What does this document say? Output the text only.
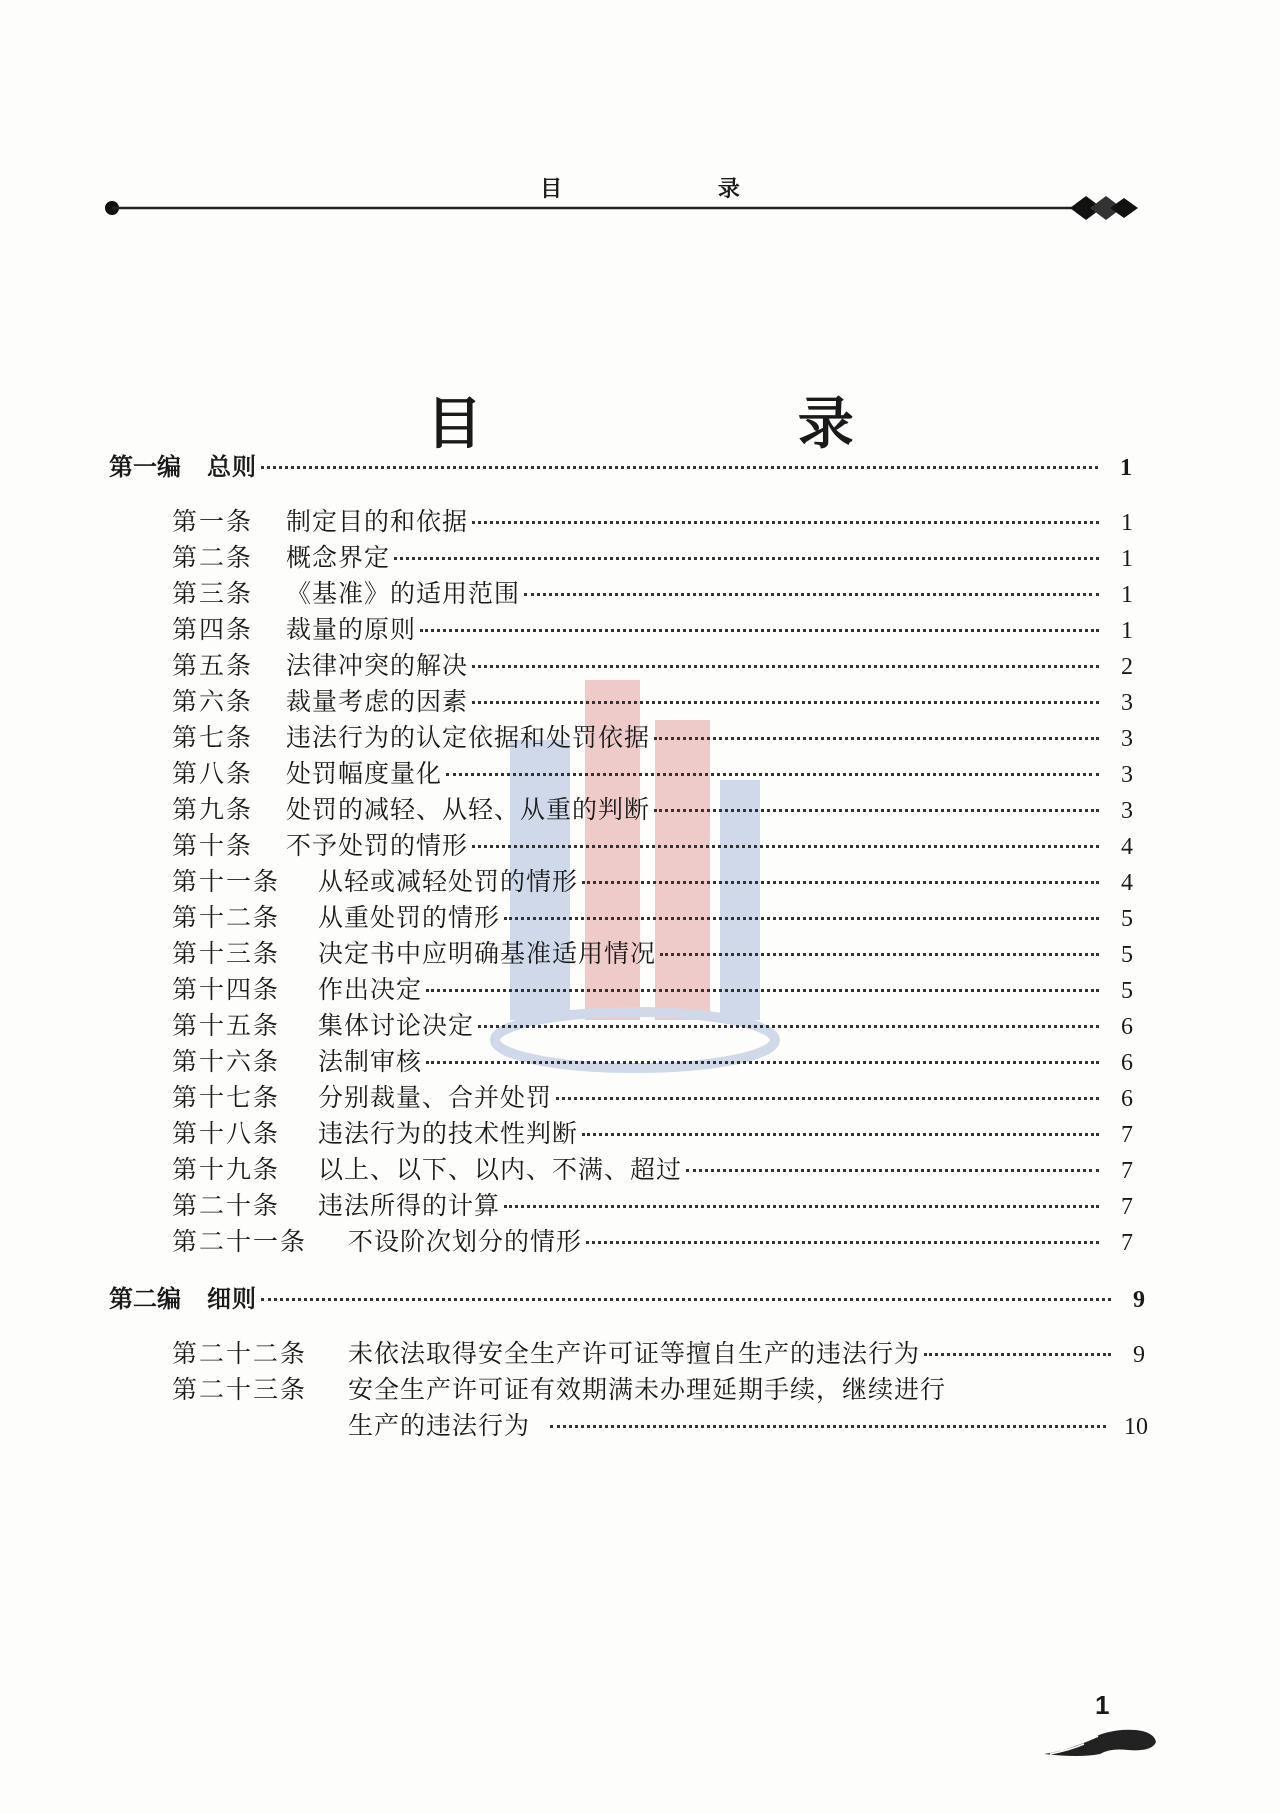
目 录
目 录
第一编 总则	1
第一条	制定目的和依据	1
第二条	概念界定	1
第三条	《基准》的适用范围	1
第四条	裁量的原则	1
第五条	法律冲突的解决	2
第六条	裁量考虑的因素	3
第七条	违法行为的认定依据和处罚依据	3
第八条	处罚幅度量化	3
第九条	处罚的减轻、从轻、从重的判断	3
第十条	不予处罚的情形	4
第十一条	从轻或减轻处罚的情形	4
第十二条	从重处罚的情形	5
第十三条	决定书中应明确基准适用情况	5
第十四条	作出决定	5
第十五条	集体讨论决定	6
第十六条	法制审核	6
第十七条	分别裁量、合并处罚	6
第十八条	违法行为的技术性判断	7
第十九条	以上、以下、以内、不满、超过	7
第二十条	违法所得的计算	7
第二十一条	不设阶次划分的情形	7
第二编 细则	9
第二十二条	未依法取得安全生产许可证等擅自生产的违法行为	9
第二十三条	安全生产许可证有效期满未办理延期手续，继续进行
生产的违法行为	10
1
